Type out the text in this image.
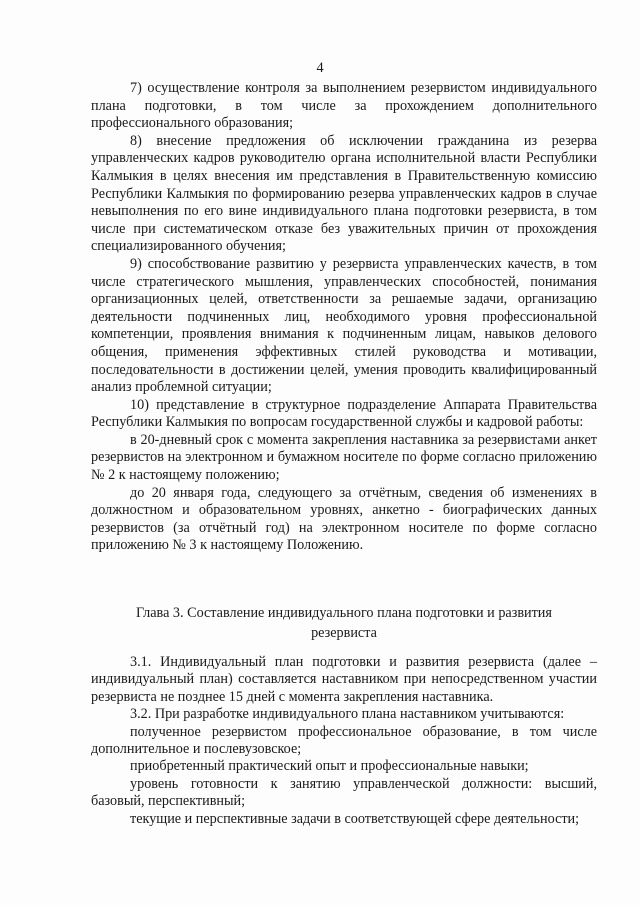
4

7) осуществление контроля за выполнением резервистом индивидуального плана подготовки, в том числе за прохождением дополнительного профессионального образования;

8) внесение предложения об исключении гражданина из резерва управленческих кадров руководителю органа исполнительной власти Республики Калмыкия в целях внесения им представления в Правительственную комиссию Республики Калмыкия по формированию резерва управленческих кадров в случае невыполнения по его вине индивидуального плана подготовки резервиста, в том числе при систематическом отказе без уважительных причин от прохождения специализированного обучения;

9) способствование развитию у резервиста управленческих качеств, в том числе стратегического мышления, управленческих способностей, понимания организационных целей, ответственности за решаемые задачи, организацию деятельности подчиненных лиц, необходимого уровня профессиональной компетенции, проявления внимания к подчиненным лицам, навыков делового общения, применения эффективных стилей руководства и мотивации, последовательности в достижении целей, умения проводить квалифицированный анализ проблемной ситуации;

10) представление в структурное подразделение Аппарата Правительства Республики Калмыкия по вопросам государственной службы и кадровой работы:

в 20-дневный срок с момента закрепления наставника за резервистами анкет резервистов на электронном и бумажном носителе по форме согласно приложению № 2 к настоящему положению;

до 20 января года, следующего за отчётным, сведения об изменениях в должностном и образовательном уровнях, анкетно - биографических данных резервистов (за отчётный год) на электронном носителе по форме согласно приложению № 3 к настоящему Положению.

Глава 3. Составление индивидуального плана подготовки и развития
резервиста

3.1. Индивидуальный план подготовки и развития резервиста (далее – индивидуальный план) составляется наставником при непосредственном участии резервиста не позднее 15 дней с момента закрепления наставника.

3.2. При разработке индивидуального плана наставником учитываются:

полученное резервистом профессиональное образование, в том числе дополнительное и послевузовское;

приобретенный практический опыт и профессиональные навыки;

уровень готовности к занятию управленческой должности: высший, базовый, перспективный;

текущие и перспективные задачи в соответствующей сфере деятельности;
